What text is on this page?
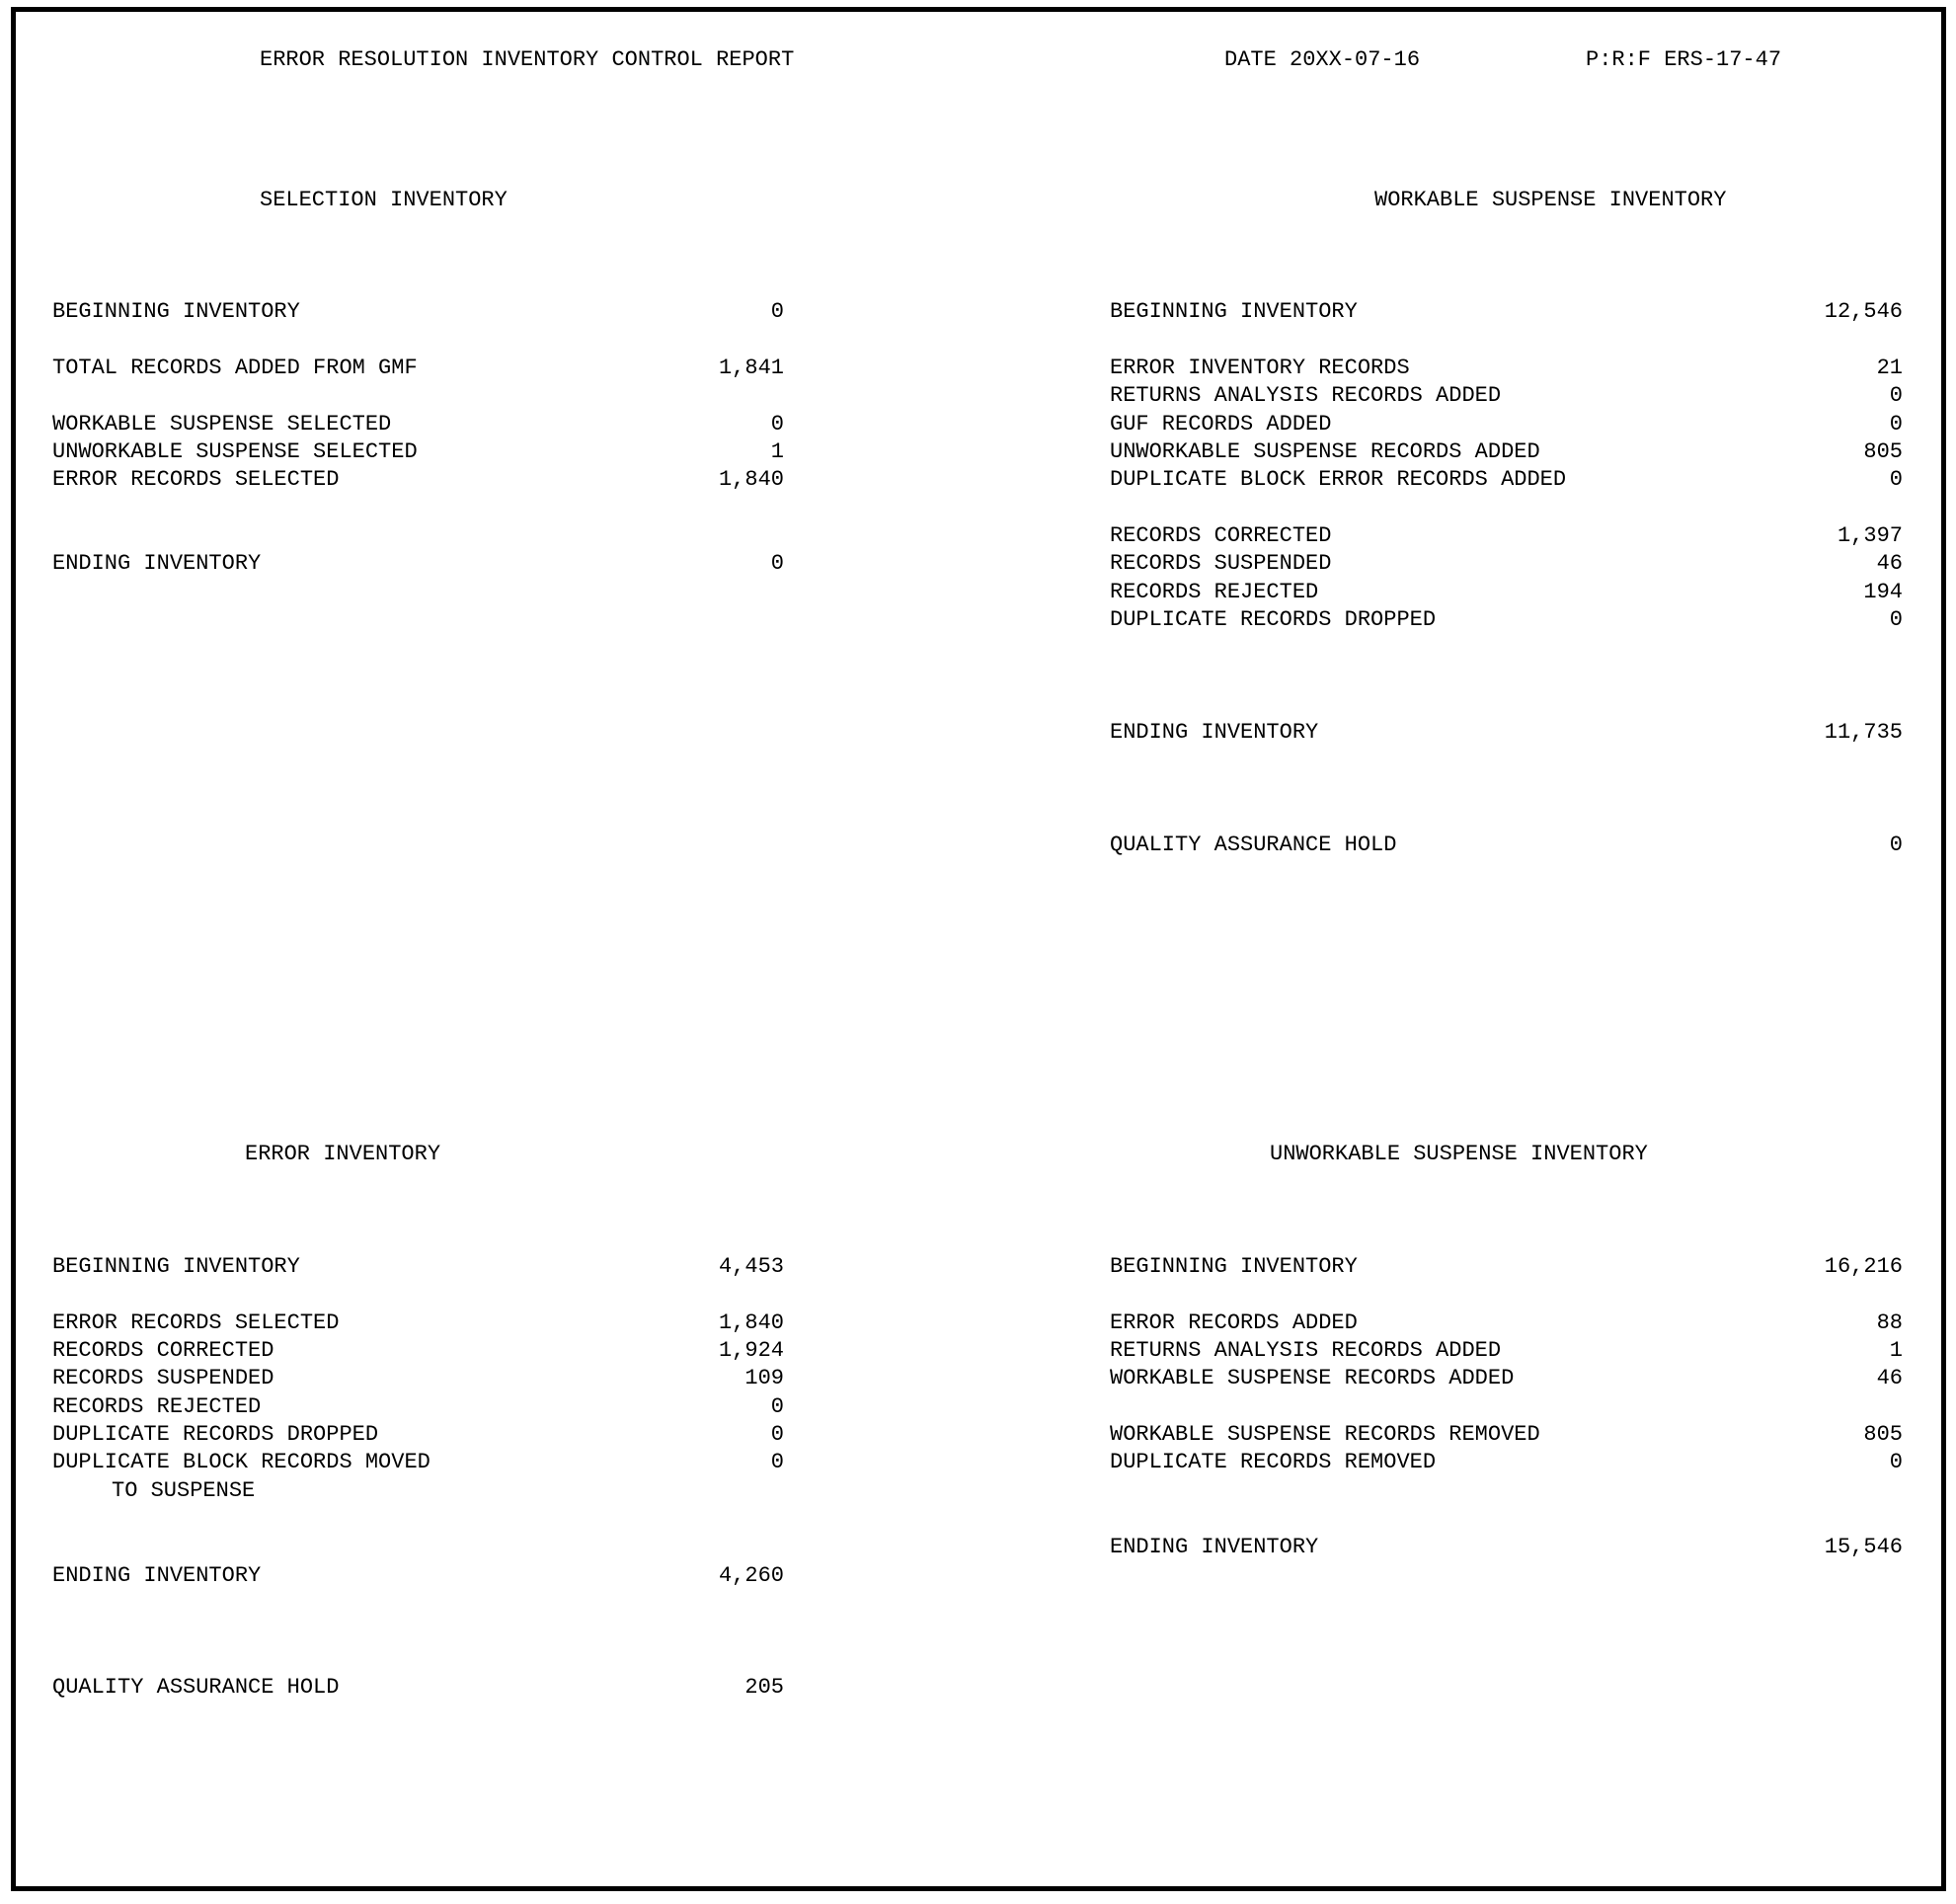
ERROR RESOLUTION INVENTORY CONTROL REPORT	DATE 20XX-07-16	P:R:F ERS-17-47
SELECTION INVENTORY
BEGINNING INVENTORY	0
TOTAL RECORDS ADDED FROM GMF	1,841
WORKABLE SUSPENSE SELECTED	0
UNWORKABLE SUSPENSE SELECTED	1
ERROR RECORDS SELECTED	1,840
ENDING INVENTORY	0
WORKABLE SUSPENSE INVENTORY
BEGINNING INVENTORY	12,546
ERROR INVENTORY RECORDS	21
RETURNS ANALYSIS RECORDS ADDED	0
GUF RECORDS ADDED	0
UNWORKABLE SUSPENSE RECORDS ADDED	805
DUPLICATE BLOCK ERROR RECORDS ADDED	0
RECORDS CORRECTED	1,397
RECORDS SUSPENDED	46
RECORDS REJECTED	194
DUPLICATE RECORDS DROPPED	0
ENDING INVENTORY	11,735
QUALITY ASSURANCE HOLD	0
ERROR INVENTORY
BEGINNING INVENTORY	4,453
ERROR RECORDS SELECTED	1,840
RECORDS CORRECTED	1,924
RECORDS SUSPENDED	109
RECORDS REJECTED	0
DUPLICATE RECORDS DROPPED	0
DUPLICATE BLOCK RECORDS MOVED	0
TO SUSPENSE
ENDING INVENTORY	4,260
QUALITY ASSURANCE HOLD	205
UNWORKABLE SUSPENSE INVENTORY
BEGINNING INVENTORY	16,216
ERROR RECORDS ADDED	88
RETURNS ANALYSIS RECORDS ADDED	1
WORKABLE SUSPENSE RECORDS ADDED	46
WORKABLE SUSPENSE RECORDS REMOVED	805
DUPLICATE RECORDS REMOVED	0
ENDING INVENTORY	15,546
